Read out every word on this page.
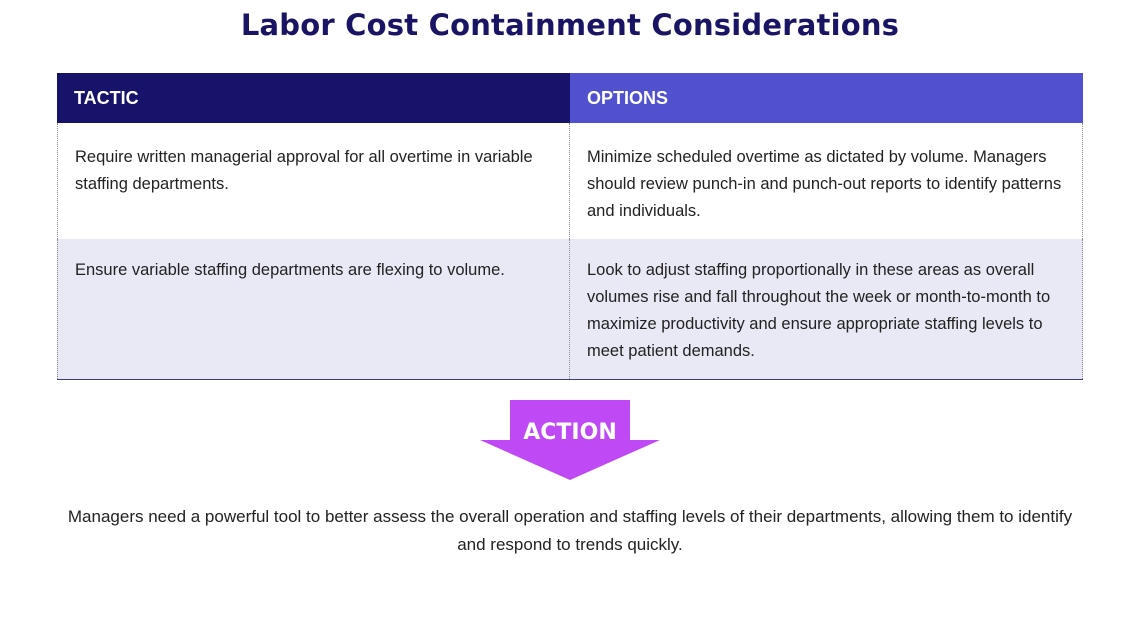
Labor Cost Containment Considerations
TACTIC	OPTIONS
Require written managerial approval for all overtime in variable staffing departments.
Minimize scheduled overtime as dictated by volume. Managers should review punch-in and punch-out reports to identify patterns and individuals.
Ensure variable staffing departments are flexing to volume.	Look to adjust staffing proportionally in these areas as overall volumes rise and fall throughout the week or month-to-month to maximize productivity and ensure appropriate staffing levels to meet patient demands.
ACTION

Managers need a powerful tool to better assess the overall operation and staffing levels of their departments, allowing them to identify and respond to trends quickly.
